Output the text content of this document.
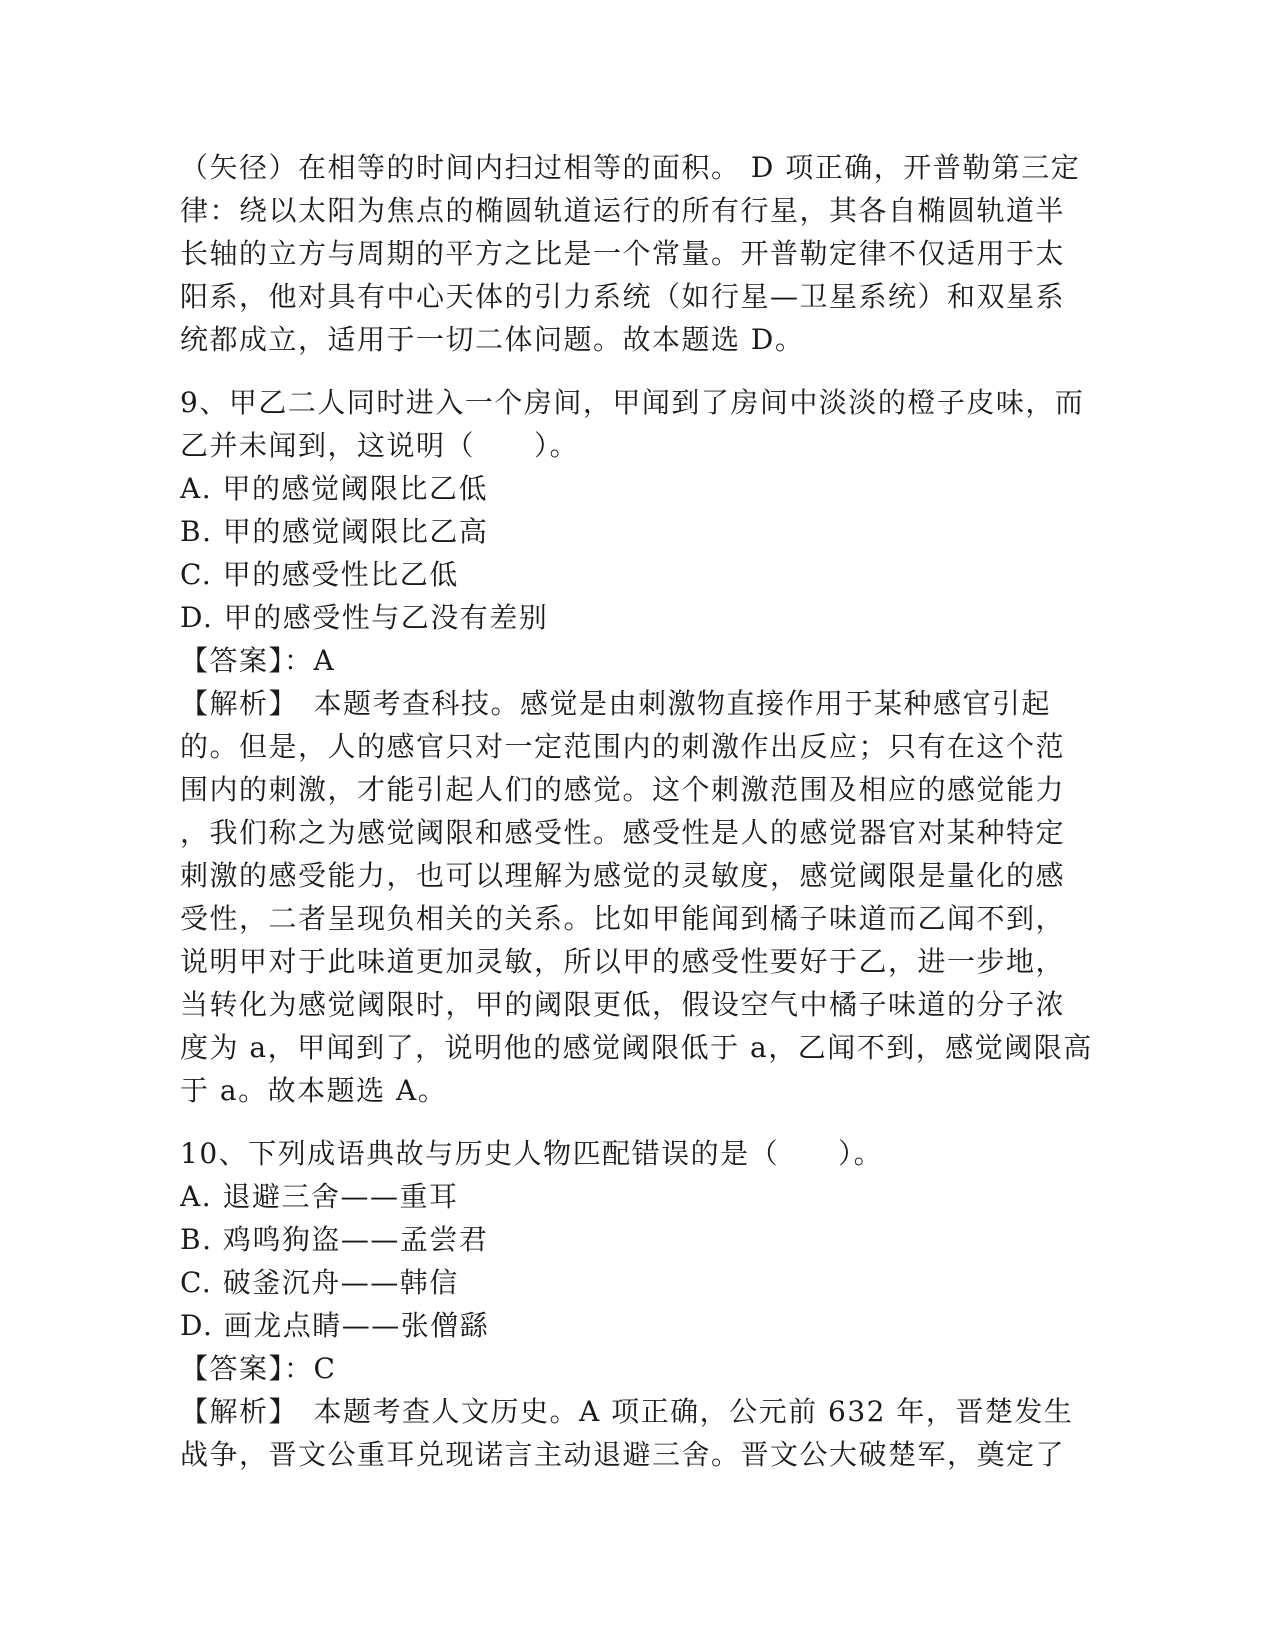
（矢径）在相等的时间内扫过相等的面积。 D 项正确，开普勒第三定
律：绕以太阳为焦点的椭圆轨道运行的所有行星，其各自椭圆轨道半
长轴的立方与周期的平方之比是一个常量。开普勒定律不仅适用于太
阳系，他对具有中心天体的引力系统（如行星—卫星系统）和双星系
统都成立，适用于一切二体问题。故本题选 D。
9、甲乙二人同时进入一个房间，甲闻到了房间中淡淡的橙子皮味，而
乙并未闻到，这说明（　　）。
A. 甲的感觉阈限比乙低
B. 甲的感觉阈限比乙高
C. 甲的感受性比乙低
D. 甲的感受性与乙没有差别
【答案】：A
【解析】　本题考查科技。感觉是由刺激物直接作用于某种感官引起
的。但是，人的感官只对一定范围内的刺激作出反应；只有在这个范
围内的刺激，才能引起人们的感觉。这个刺激范围及相应的感觉能力
，我们称之为感觉阈限和感受性。感受性是人的感觉器官对某种特定
刺激的感受能力，也可以理解为感觉的灵敏度，感觉阈限是量化的感
受性，二者呈现负相关的关系。比如甲能闻到橘子味道而乙闻不到，
说明甲对于此味道更加灵敏，所以甲的感受性要好于乙，进一步地，
当转化为感觉阈限时，甲的阈限更低，假设空气中橘子味道的分子浓
度为 a，甲闻到了，说明他的感觉阈限低于 a，乙闻不到，感觉阈限高
于 a。故本题选 A。
10、下列成语典故与历史人物匹配错误的是（　　）。
A. 退避三舍——重耳
B. 鸡鸣狗盗——孟尝君
C. 破釜沉舟——韩信
D. 画龙点睛——张僧繇
【答案】：C
【解析】　本题考查人文历史。A 项正确，公元前 632 年，晋楚发生
战争，晋文公重耳兑现诺言主动退避三舍。晋文公大破楚军，奠定了
